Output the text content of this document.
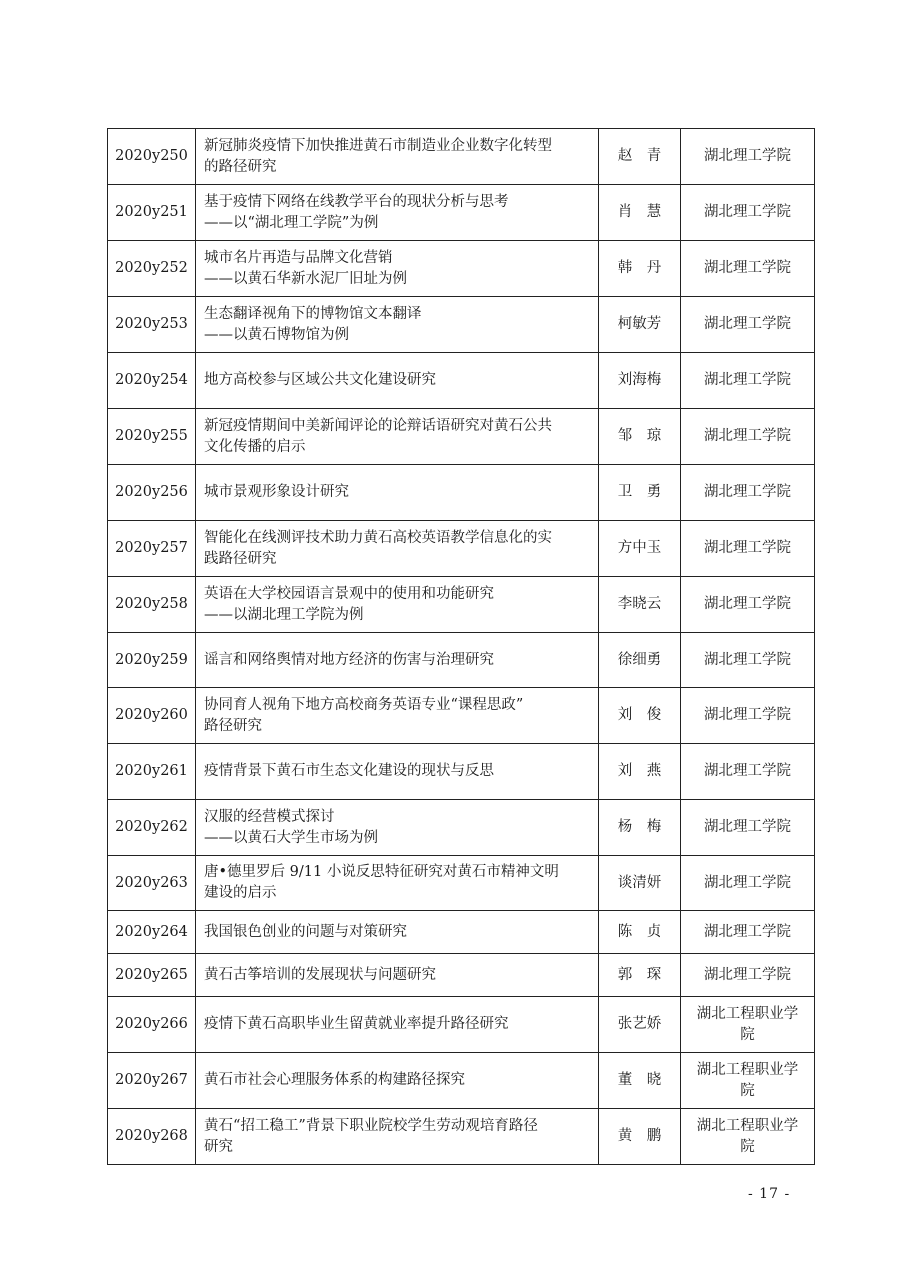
2020y250	新冠肺炎疫情下加快推进黄石市制造业企业数字化转型
的路径研究	赵　青	湖北理工学院
2020y251	基于疫情下网络在线教学平台的现状分析与思考
——以“湖北理工学院”为例	肖　慧	湖北理工学院
2020y252	城市名片再造与品牌文化营销
——以黄石华新水泥厂旧址为例	韩　丹	湖北理工学院
2020y253	生态翻译视角下的博物馆文本翻译
——以黄石博物馆为例	柯敏芳	湖北理工学院
2020y254	地方高校参与区域公共文化建设研究	刘海梅	湖北理工学院
2020y255	新冠疫情期间中美新闻评论的论辩话语研究对黄石公共
文化传播的启示	邹　琼	湖北理工学院
2020y256	城市景观形象设计研究	卫　勇	湖北理工学院
2020y257	智能化在线测评技术助力黄石高校英语教学信息化的实
践路径研究	方中玉	湖北理工学院
2020y258	英语在大学校园语言景观中的使用和功能研究
——以湖北理工学院为例	李晓云	湖北理工学院
2020y259	谣言和网络舆情对地方经济的伤害与治理研究	徐细勇	湖北理工学院
2020y260	协同育人视角下地方高校商务英语专业“课程思政”
路径研究	刘　俊	湖北理工学院
2020y261	疫情背景下黄石市生态文化建设的现状与反思	刘　燕	湖北理工学院
2020y262	汉服的经营模式探讨
——以黄石大学生市场为例	杨　梅	湖北理工学院
2020y263	唐•德里罗后 9/11 小说反思特征研究对黄石市精神文明
建设的启示	谈清妍	湖北理工学院
2020y264	我国银色创业的问题与对策研究	陈　贞	湖北理工学院
2020y265	黄石古筝培训的发展现状与问题研究	郭　琛	湖北理工学院
2020y266	疫情下黄石高职毕业生留黄就业率提升路径研究	张艺娇	湖北工程职业学院
2020y267	黄石市社会心理服务体系的构建路径探究	董　晓	湖北工程职业学院
2020y268	黄石“招工稳工”背景下职业院校学生劳动观培育路径
研究	黄　鹏	湖北工程职业学院
- 17 -
